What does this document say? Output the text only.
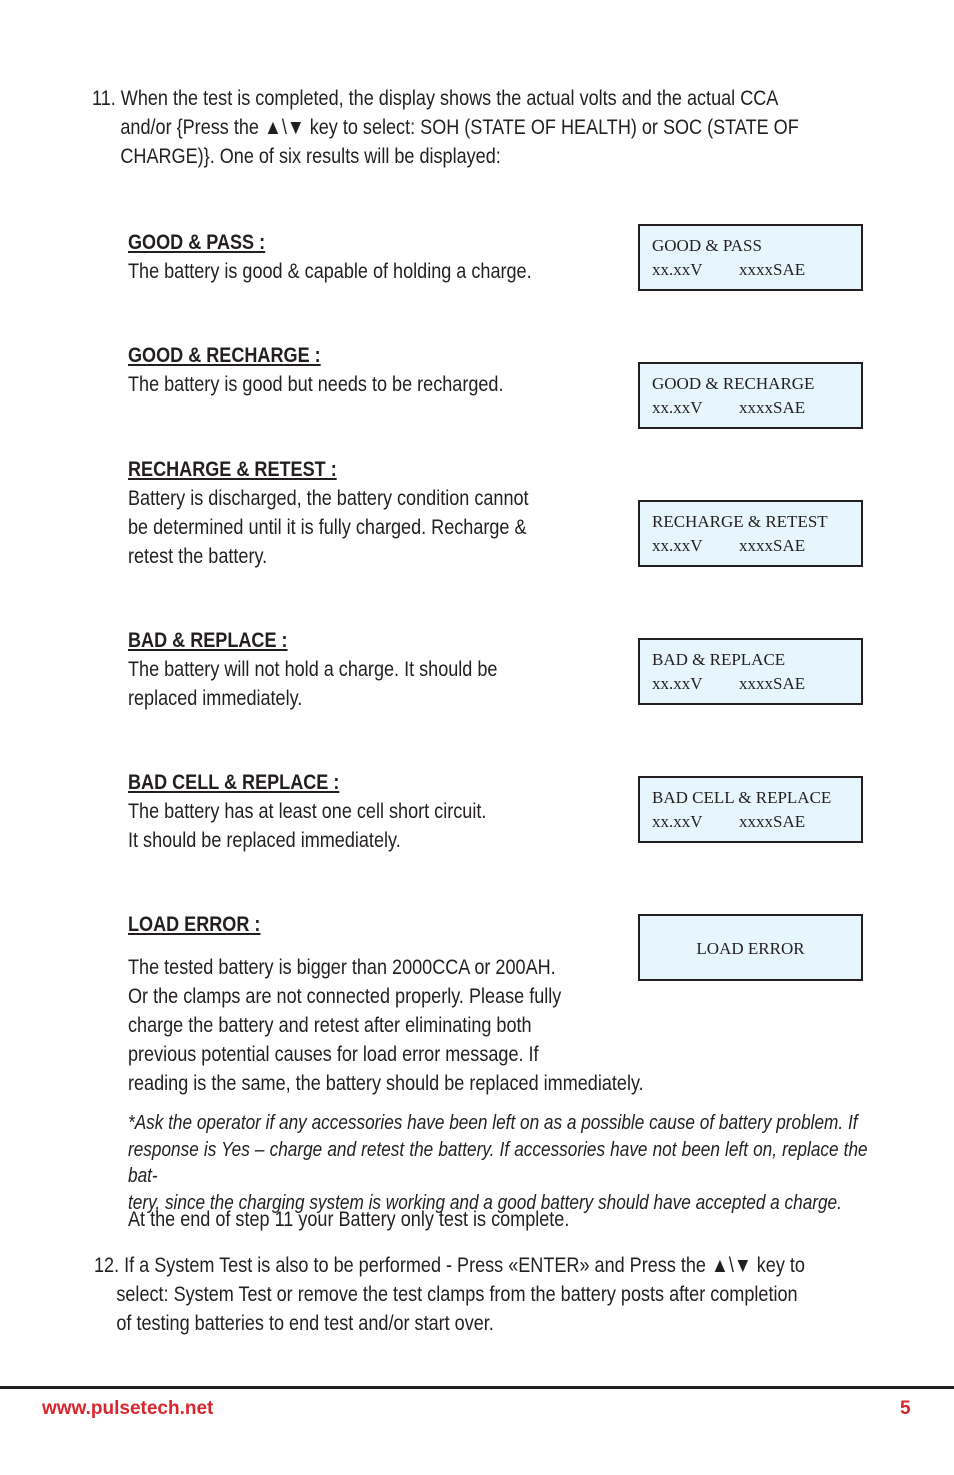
11. When the test is completed, the display shows the actual volts and the actual CCA
and/or {Press the ▲\▼ key to select: SOH (STATE OF HEALTH) or SOC (STATE OF
CHARGE)}. One of six results will be displayed:
GOOD & PASS :
The battery is good & capable of holding a charge.
GOOD & PASS
xx.xxV xxxxSAE
GOOD & RECHARGE :
The battery is good but needs to be recharged.	GOOD & RECHARGE
xx.xxV xxxxSAE
RECHARGE & RETEST :
Battery is discharged, the battery condition cannot
be determined until it is fully charged. Recharge &
retest the battery.
RECHARGE & RETEST
xx.xxV xxxxSAE
BAD & REPLACE :
The battery will not hold a charge. It should be
replaced immediately.
BAD & REPLACE
xx.xxV xxxxSAE
BAD CELL & REPLACE :
The battery has at least one cell short circuit.
It should be replaced immediately.
BAD CELL & REPLACE
xx.xxV xxxxSAE
LOAD ERROR :
The tested battery is bigger than 2000CCA or 200AH.
Or the clamps are not connected properly. Please fully
charge the battery and retest after eliminating both
previous potential causes for load error message. If
reading is the same, the battery should be replaced immediately.
LOAD ERROR
*Ask the operator if any accessories have been left on as a possible cause of battery problem. If
response is Yes – charge and retest the battery. If accessories have not been left on, replace the bat-
tery, since the charging system is working and a good battery should have accepted a charge.
At the end of step 11 your Battery only test is complete.
12. If a System Test is also to be performed - Press «ENTER» and Press the ▲\▼ key to
select: System Test or remove the test clamps from the battery posts after completion
of testing batteries to end test and/or start over.
www.pulsetech.net	5
